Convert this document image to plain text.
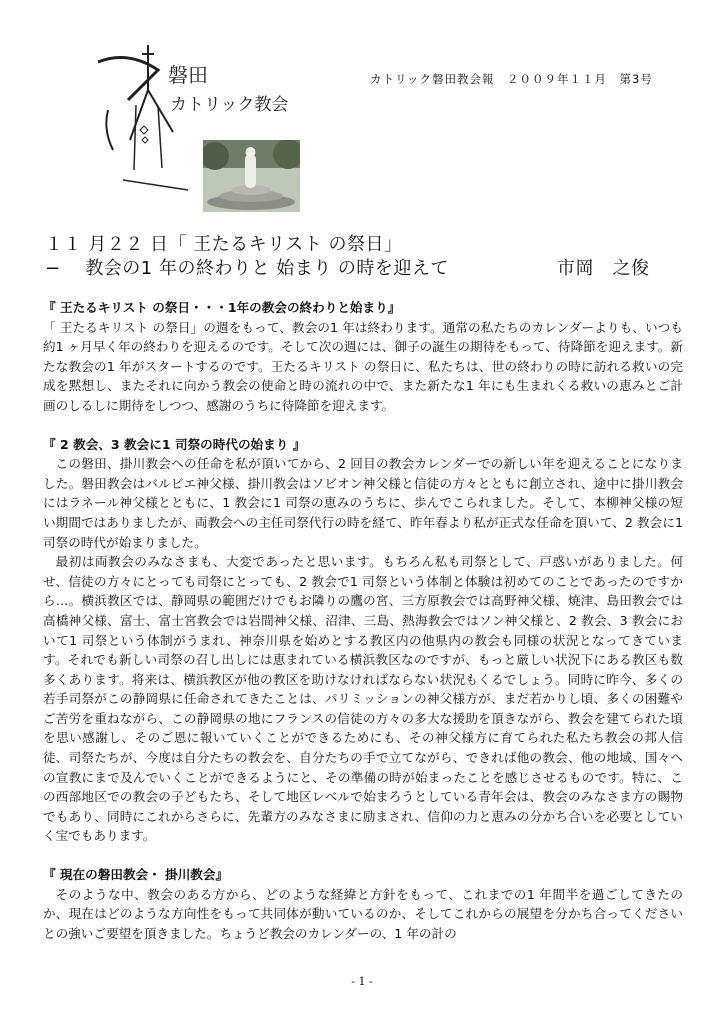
磐田
カトリック教会
カトリック磐田教会報　２００９年１１月　第3号
１１ 月２２ 日「 王たるキリスト の祭日」
−　 教会の1 年の終わりと 始まり の時を迎えて	市岡　之俊

『 王たるキリスト の祭日・・・1年の教会の終わりと始まり』

「 王たるキリスト の祭日」の週をもって、教会の1 年は終わります。通常の私たちのカレンダーよりも、いつも約1 ヶ月早く年の終わりを迎えるのです。そして次の週には、御子の誕生の期待をもって、待降節を迎えます。新たな教会の1 年がスタートするのです。王たるキリスト の祭日に、私たちは、世の終わりの時に訪れる救いの完成を黙想し、またそれに向かう教会の使命と時の流れの中で、また新たな1 年にも生まれくる救いの恵みとご計画のしるしに期待をしつつ、感謝のうちに待降節を迎えます。

『 2 教会、3 教会に1 司祭の時代の始まり 』

この磐田、掛川教会への任命を私が頂いてから、2 回目の教会カレンダーでの新しい年を迎えることになりました。磐田教会はバルビエ神父様、掛川教会はソビオン神父様と信徒の方々とともに創立され、途中に掛川教会にはラネール神父様とともに、1 教会に1 司祭の恵みのうちに、歩んでこられました。そして、本柳神父様の短い期間ではありましたが、両教会への主任司祭代行の時を経て、昨年春より私が正式な任命を頂いて、2 教会に1 司祭の時代が始まりました。

最初は両教会のみなさまも、大変であったと思います。もちろん私も司祭として、戸惑いがありました。何せ、信徒の方々にとっても司祭にとっても、2 教会で1 司祭という体制と体験は初めてのことであったのですから…。横浜教区では、静岡県の範囲だけでもお隣りの鷹の宮、三方原教会では高野神父様、焼津、島田教会では高橋神父様、富士、富士宮教会では岩間神父様、沼津、三島、熱海教会ではソン神父様と、2 教会、3 教会において1 司祭という体制がうまれ、神奈川県を始めとする教区内の他県内の教会も同様の状況となってきています。それでも新しい司祭の召し出しには恵まれている横浜教区なのですが、もっと厳しい状況下にある教区も数多くあります。将来は、横浜教区が他の教区を助けなければならない状況もくるでしょう。同時に昨今、多くの若手司祭がこの静岡県に任命されてきたことは、パリミッションの神父様方が、まだ若かりし頃、多くの困難やご苦労を重ねながら、この静岡県の地にフランスの信徒の方々の多大な援助を頂きながら、教会を建てられた頃を思い感謝し、そのご恩に報いていくことができるためにも、その神父様方に育てられた私たち教会の邦人信徒、司祭たちが、今度は自分たちの教会を、自分たちの手で立てながら、できれば他の教会、他の地域、国々への宣教にまで及んでいくことができるようにと、その準備の時が始まったことを感じさせるものです。特に、この西部地区での教会の子どもたち、そして地区レベルで始まろうとしている青年会は、教会のみなさま方の賜物でもあり、同時にこれからさらに、先輩方のみなさまに励まされ、信仰の力と恵みの分かち合いを必要としていく宝でもあります。

『 現在の磐田教会・ 掛川教会』

そのような中、教会のある方から、どのような経緯と方針をもって、これまでの1 年間半を過ごしてきたのか、現在はどのような方向性をもって共同体が動いているのか、そしてこれからの展望を分かち合ってくださいとの強いご要望を頂きました。ちょうど教会のカレンダーの、1 年の計の

- 1 -
